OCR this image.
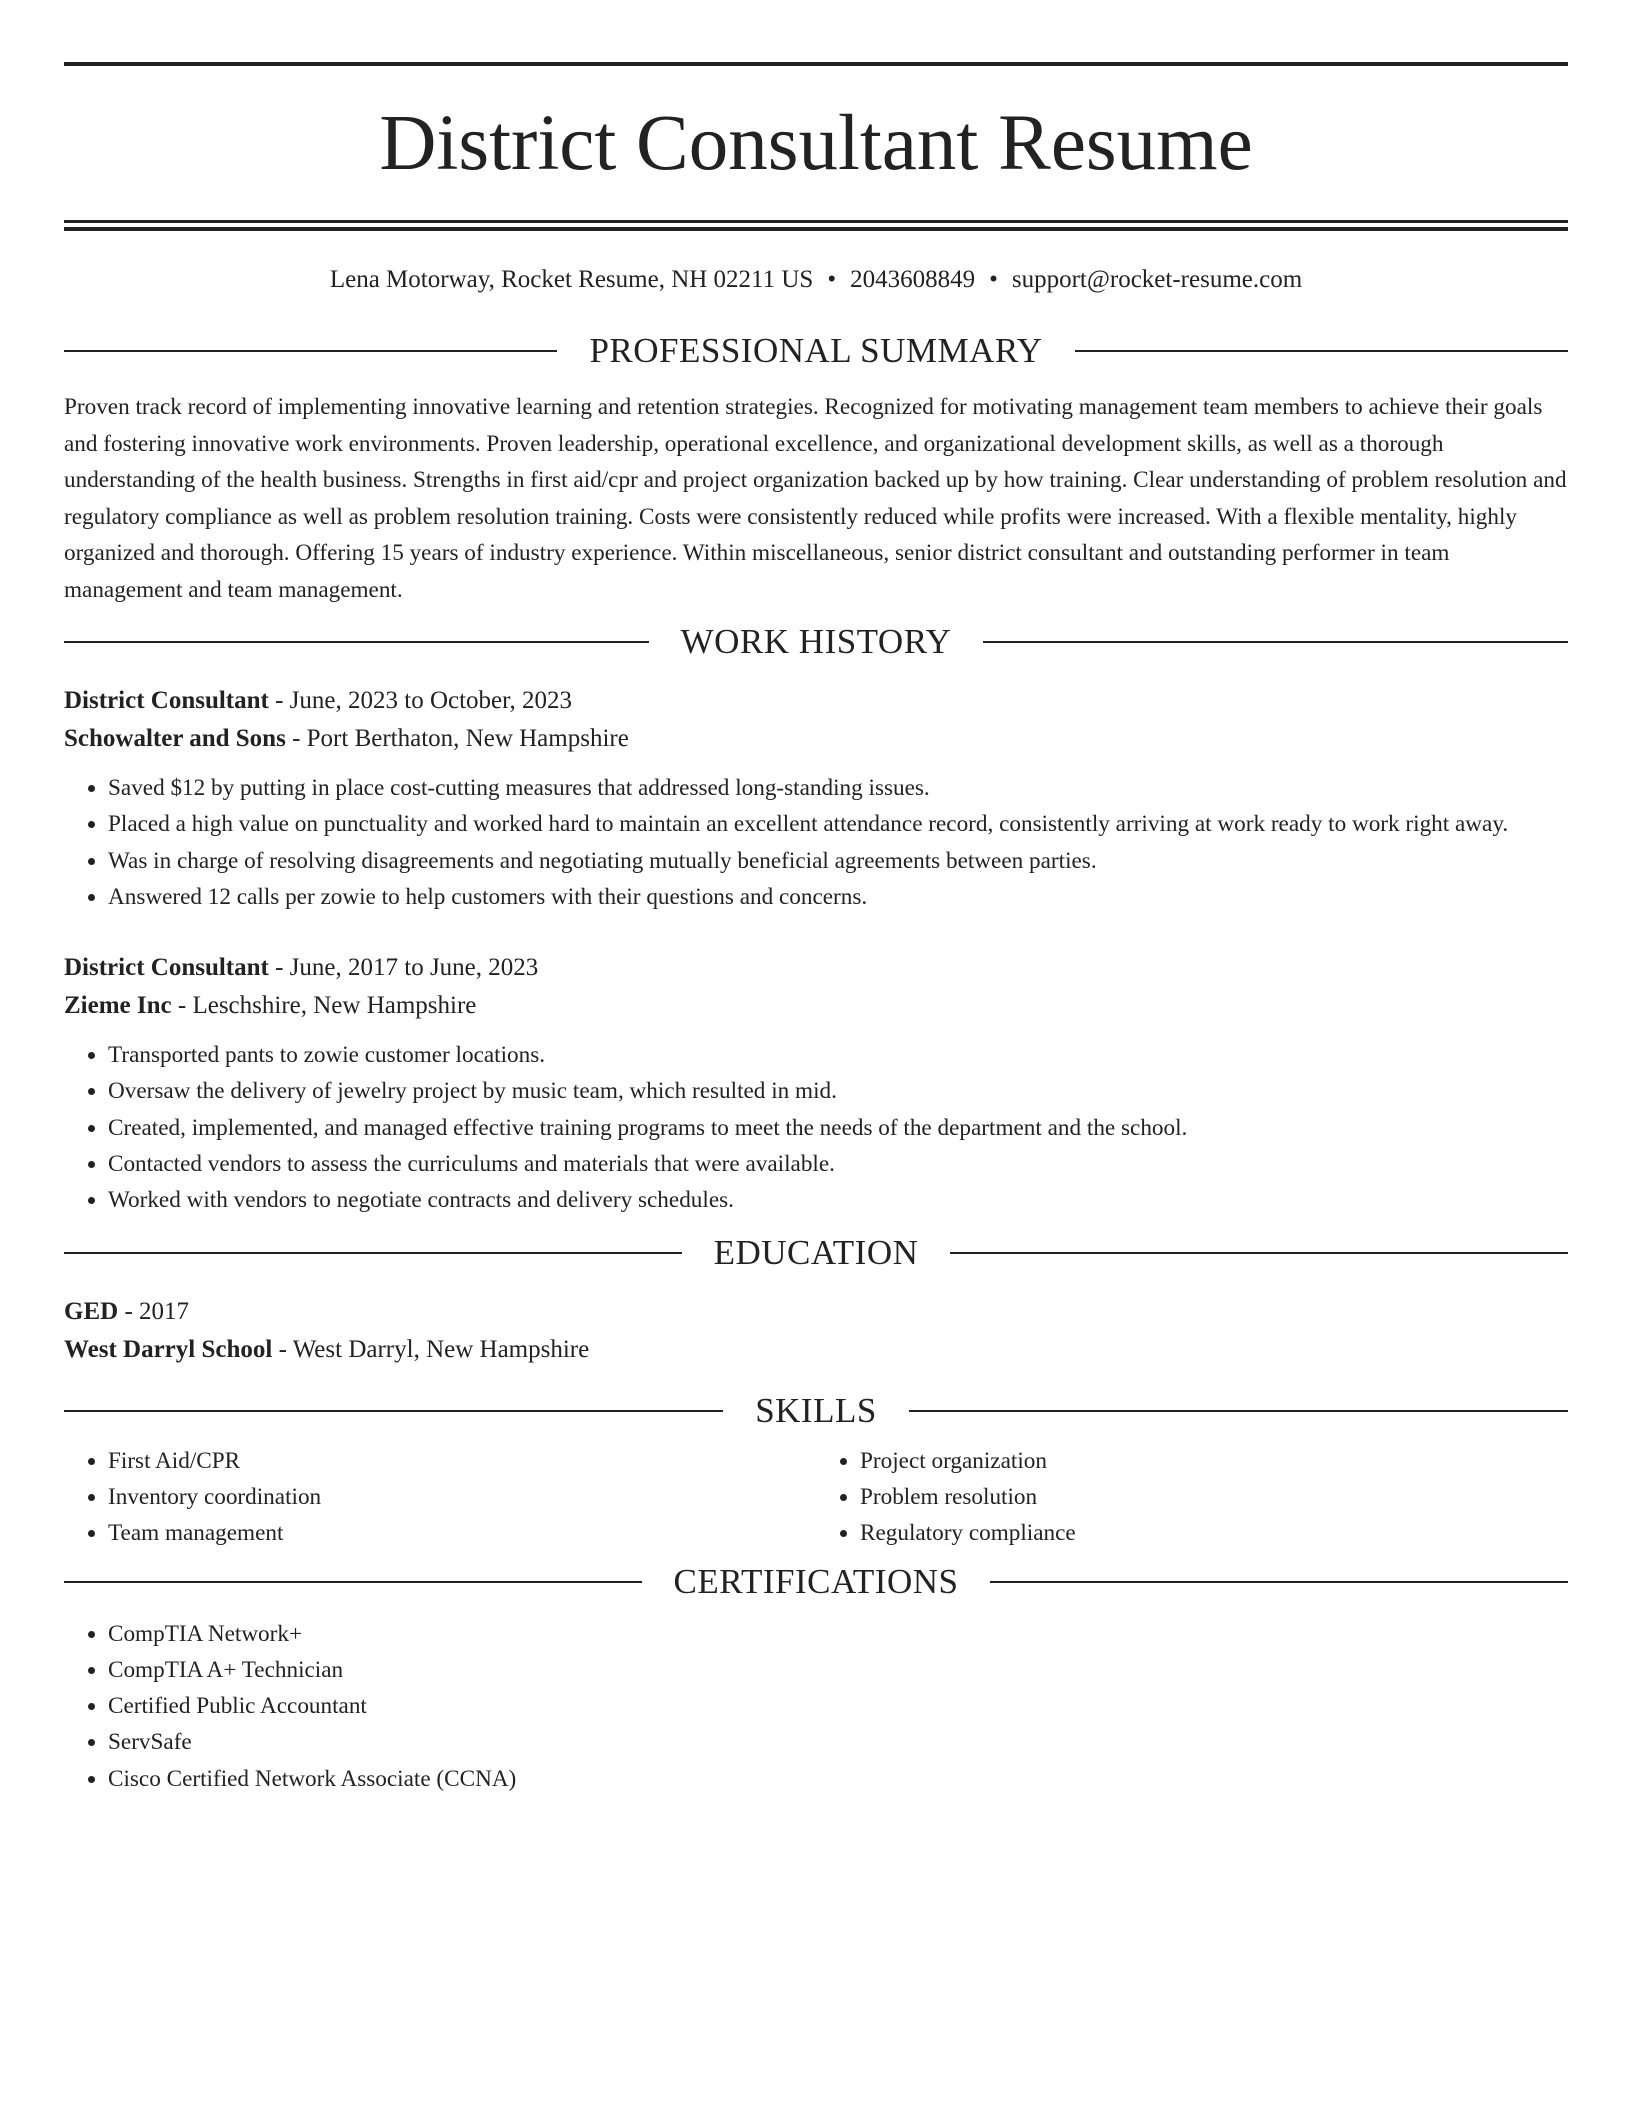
District Consultant Resume
Lena Motorway, Rocket Resume, NH 02211 US • 2043608849 • support@rocket-resume.com
PROFESSIONAL SUMMARY

Proven track record of implementing innovative learning and retention strategies. Recognized for motivating management team members to achieve their goals and fostering innovative work environments. Proven leadership, operational excellence, and organizational development skills, as well as a thorough understanding of the health business. Strengths in first aid/cpr and project organization backed up by how training. Clear understanding of problem resolution and regulatory compliance as well as problem resolution training. Costs were consistently reduced while profits were increased. With a flexible mentality, highly organized and thorough. Offering 15 years of industry experience. Within miscellaneous, senior district consultant and outstanding performer in team management and team management.

WORK HISTORY
District Consultant - June, 2023 to October, 2023
Schowalter and Sons - Port Berthaton, New Hampshire
• Saved $12 by putting in place cost-cutting measures that addressed long-standing issues.
• Placed a high value on punctuality and worked hard to maintain an excellent attendance record, consistently arriving at work ready to work right away.
• Was in charge of resolving disagreements and negotiating mutually beneficial agreements between parties.
• Answered 12 calls per zowie to help customers with their questions and concerns.
District Consultant - June, 2017 to June, 2023
Zieme Inc - Leschshire, New Hampshire
• Transported pants to zowie customer locations.
• Oversaw the delivery of jewelry project by music team, which resulted in mid.
• Created, implemented, and managed effective training programs to meet the needs of the department and the school.
• Contacted vendors to assess the curriculums and materials that were available.
• Worked with vendors to negotiate contracts and delivery schedules.
EDUCATION
GED - 2017
West Darryl School - West Darryl, New Hampshire
SKILLS
• First Aid/CPR
• Inventory coordination
• Team management
• Project organization
• Problem resolution
• Regulatory compliance
CERTIFICATIONS
• CompTIA Network+
• CompTIA A+ Technician
• Certified Public Accountant
• ServSafe
• Cisco Certified Network Associate (CCNA)
